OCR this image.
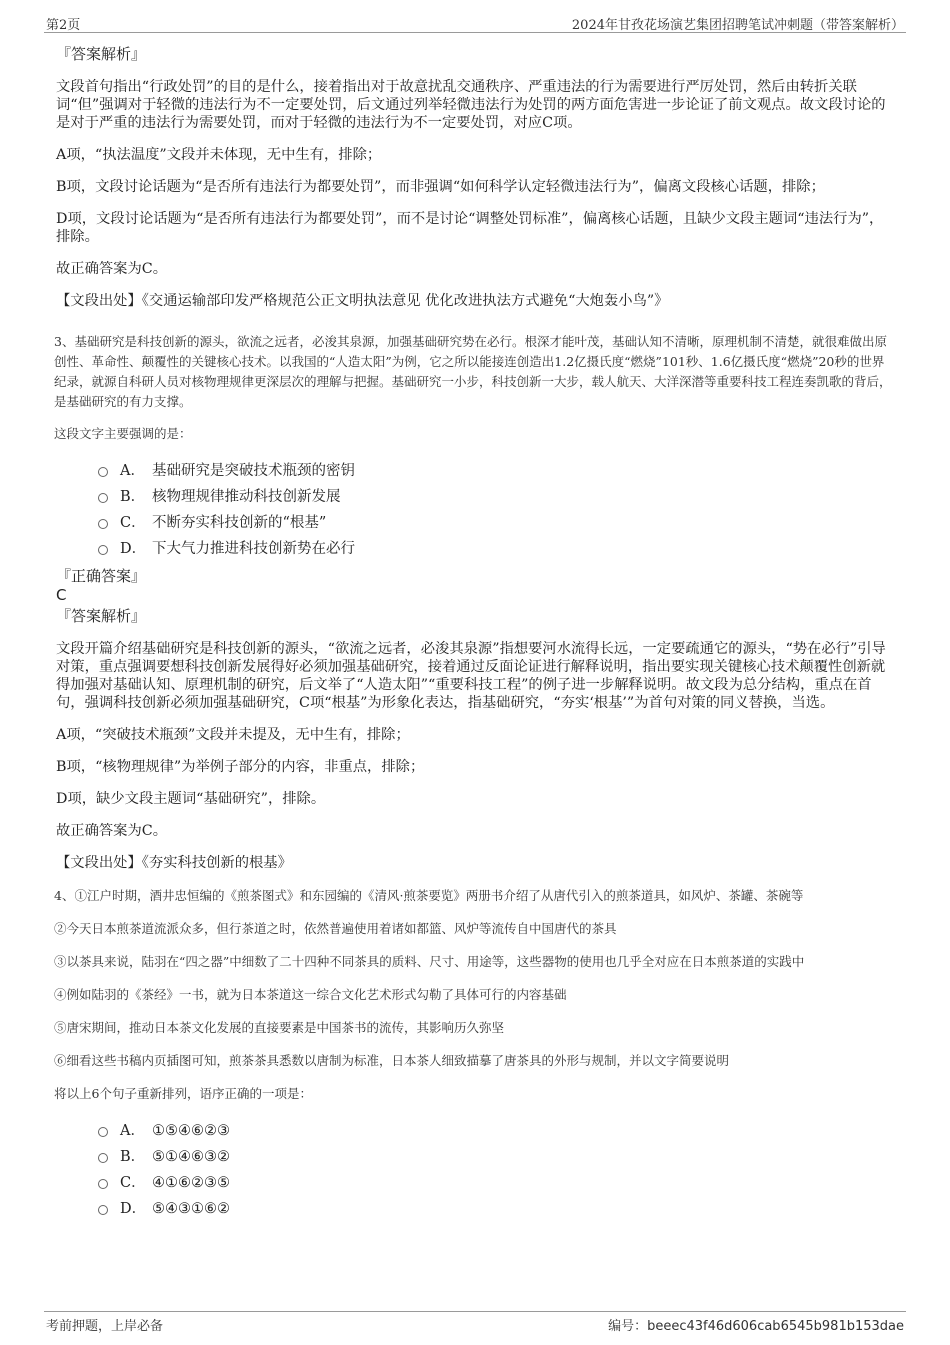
第2页	2024年甘孜花场演艺集团招聘笔试冲刺题（带答案解析）

『答案解析』

文段首句指出“行政处罚”的目的是什么，接着指出对于故意扰乱交通秩序、严重违法的行为需要进行严厉处罚，然后由转折关联词“但”强调对于轻微的违法行为不一定要处罚，后文通过列举轻微违法行为处罚的两方面危害进一步论证了前文观点。故文段讨论的是对于严重的违法行为需要处罚，而对于轻微的违法行为不一定要处罚，对应C项。

A项，“执法温度”文段并未体现，无中生有，排除；

B项，文段讨论话题为“是否所有违法行为都要处罚”，而非强调“如何科学认定轻微违法行为”，偏离文段核心话题，排除；

D项，文段讨论话题为“是否所有违法行为都要处罚”，而不是讨论“调整处罚标准”，偏离核心话题，且缺少文段主题词“违法行为”，排除。

故正确答案为C。

【文段出处】《交通运输部印发严格规范公正文明执法意见 优化改进执法方式避免“大炮轰小鸟”》

3、基础研究是科技创新的源头，欲流之远者，必浚其泉源，加强基础研究势在必行。根深才能叶茂，基础认知不清晰，原理机制不清楚，就很难做出原创性、革命性、颠覆性的关键核心技术。以我国的“人造太阳”为例，它之所以能接连创造出1.2亿摄氏度“燃烧”101秒、1.6亿摄氏度“燃烧”20秒的世界纪录，就源自科研人员对核物理规律更深层次的理解与把握。基础研究一小步，科技创新一大步，载人航天、大洋深潜等重要科技工程连奏凯歌的背后，是基础研究的有力支撑。

这段文字主要强调的是：

A． 基础研究是突破技术瓶颈的密钥
B． 核物理规律推动科技创新发展
C． 不断夯实科技创新的“根基”
D． 下大气力推进科技创新势在必行

『正确答案』

C

『答案解析』

文段开篇介绍基础研究是科技创新的源头，“欲流之远者，必浚其泉源”指想要河水流得长远，一定要疏通它的源头，“势在必行”引导对策，重点强调要想科技创新发展得好必须加强基础研究，接着通过反面论证进行解释说明，指出要实现关键核心技术颠覆性创新就得加强对基础认知、原理机制的研究，后文举了“人造太阳”“重要科技工程”的例子进一步解释说明。故文段为总分结构，重点在首句，强调科技创新必须加强基础研究，C项“根基”为形象化表达，指基础研究，“夯实‘根基’”为首句对策的同义替换，当选。

A项，“突破技术瓶颈”文段并未提及，无中生有，排除；

B项，“核物理规律”为举例子部分的内容，非重点，排除；

D项，缺少文段主题词“基础研究”，排除。

故正确答案为C。

【文段出处】《夯实科技创新的根基》

4、①江户时期，酒井忠恒编的《煎茶图式》和东园编的《清风·煎茶要览》两册书介绍了从唐代引入的煎茶道具，如风炉、茶罐、茶碗等

②今天日本煎茶道流派众多，但行茶道之时，依然普遍使用着诸如都篮、风炉等流传自中国唐代的茶具

③以茶具来说，陆羽在“四之器”中细数了二十四种不同茶具的质料、尺寸、用途等，这些器物的使用也几乎全对应在日本煎茶道的实践中

④例如陆羽的《茶经》一书，就为日本茶道这一综合文化艺术形式勾勒了具体可行的内容基础

⑤唐宋期间，推动日本茶文化发展的直接要素是中国茶书的流传，其影响历久弥坚

⑥细看这些书稿内页插图可知，煎茶茶具悉数以唐制为标准，日本茶人细致描摹了唐茶具的外形与规制，并以文字简要说明

将以上6个句子重新排列，语序正确的一项是：

A． ①⑤④⑥②③
B． ⑤①④⑥③②
C． ④①⑥②③⑤
D． ⑤④③①⑥②
考前押题，上岸必备	编号：beeec43f46d606cab6545b981b153dae
